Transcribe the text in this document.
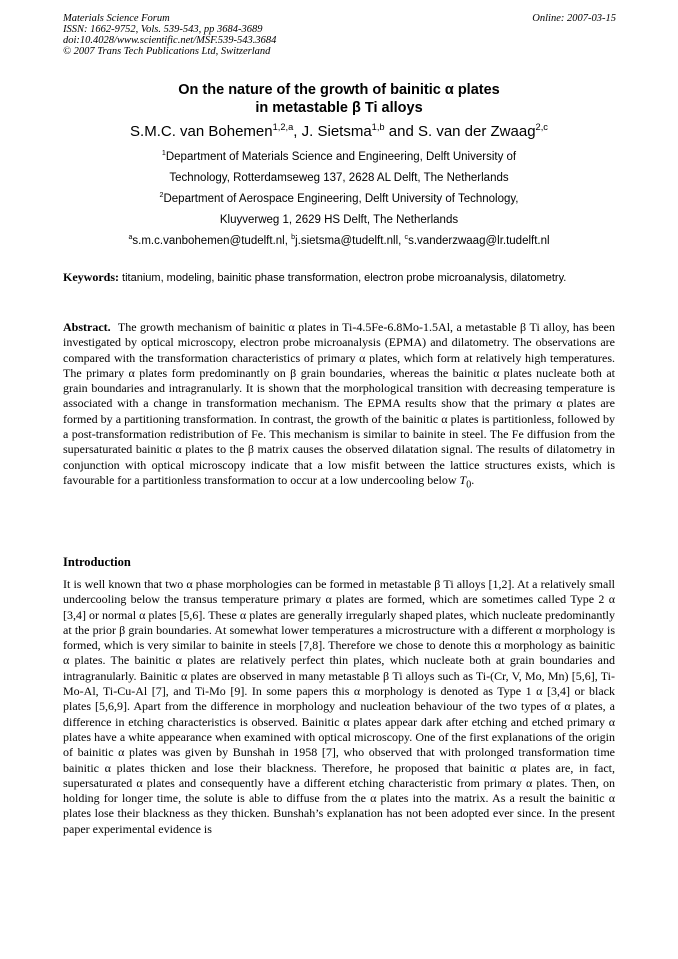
Materials Science Forum
ISSN: 1662-9752, Vols. 539-543, pp 3684-3689
doi:10.4028/www.scientific.net/MSF.539-543.3684
© 2007 Trans Tech Publications Ltd, Switzerland
Online: 2007-03-15
On the nature of the growth of bainitic α plates
in metastable β Ti alloys
S.M.C. van Bohemen$^{1,2,a}$, J. Sietsma$^{1,b}$ and S. van der Zwaag$^{2,c}$
$^1$Department of Materials Science and Engineering, Delft University of
Technology, Rotterdamseweg 137, 2628 AL Delft, The Netherlands
$^2$Department of Aerospace Engineering, Delft University of Technology,
Kluyverweg 1, 2629 HS Delft, The Netherlands
$^a$s.m.c.vanbohemen@tudelft.nl, $^b$j.sietsma@tudelft.nll, $^c$s.vanderzwaag@lr.tudelft.nl
Keywords: titanium, modeling, bainitic phase transformation, electron probe microanalysis, dilatometry.
Abstract. The growth mechanism of bainitic α plates in Ti-4.5Fe-6.8Mo-1.5Al, a metastable β Ti alloy, has been investigated by optical microscopy, electron probe microanalysis (EPMA) and dilatometry. The observations are compared with the transformation characteristics of primary α plates, which form at relatively high temperatures. The primary α plates form predominantly on β grain boundaries, whereas the bainitic α plates nucleate both at grain boundaries and intragranularly. It is shown that the morphological transition with decreasing temperature is associated with a change in transformation mechanism. The EPMA results show that the primary α plates are formed by a partitioning transformation. In contrast, the growth of the bainitic α plates is partitionless, followed by a post-transformation redistribution of Fe. This mechanism is similar to bainite in steel. The Fe diffusion from the supersaturated bainitic α plates to the β matrix causes the observed dilatation signal. The results of dilatometry in conjunction with optical microscopy indicate that a low misfit between the lattice structures exists, which is favourable for a partitionless transformation to occur at a low undercooling below $T_0$.
Introduction
It is well known that two α phase morphologies can be formed in metastable β Ti alloys [1,2]. At a relatively small undercooling below the transus temperature primary α plates are formed, which are sometimes called Type 2 α [3,4] or normal α plates [5,6]. These α plates are generally irregularly shaped plates, which nucleate predominantly at the prior β grain boundaries. At somewhat lower temperatures a microstructure with a different α morphology is formed, which is very similar to bainite in steels [7,8]. Therefore we chose to denote this α morphology as bainitic α plates. The bainitic α plates are relatively perfect thin plates, which nucleate both at grain boundaries and intragranularly. Bainitic α plates are observed in many metastable β Ti alloys such as Ti-(Cr, V, Mo, Mn) [5,6], Ti-Mo-Al, Ti-Cu-Al [7], and Ti-Mo [9]. In some papers this α morphology is denoted as Type 1 α [3,4] or black plates [5,6,9]. Apart from the difference in morphology and nucleation behaviour of the two types of α plates, a difference in etching characteristics is observed. Bainitic α plates appear dark after etching and etched primary α plates have a white appearance when examined with optical microscopy. One of the first explanations of the origin of bainitic α plates was given by Bunshah in 1958 [7], who observed that with prolonged transformation time bainitic α plates thicken and lose their blackness. Therefore, he proposed that bainitic α plates are, in fact, supersaturated α plates and consequently have a different etching characteristic from primary α plates. Then, on holding for longer time, the solute is able to diffuse from the α plates into the matrix. As a result the bainitic α plates lose their blackness as they thicken. Bunshah’s explanation has not been adopted ever since. In the present paper experimental evidence is
